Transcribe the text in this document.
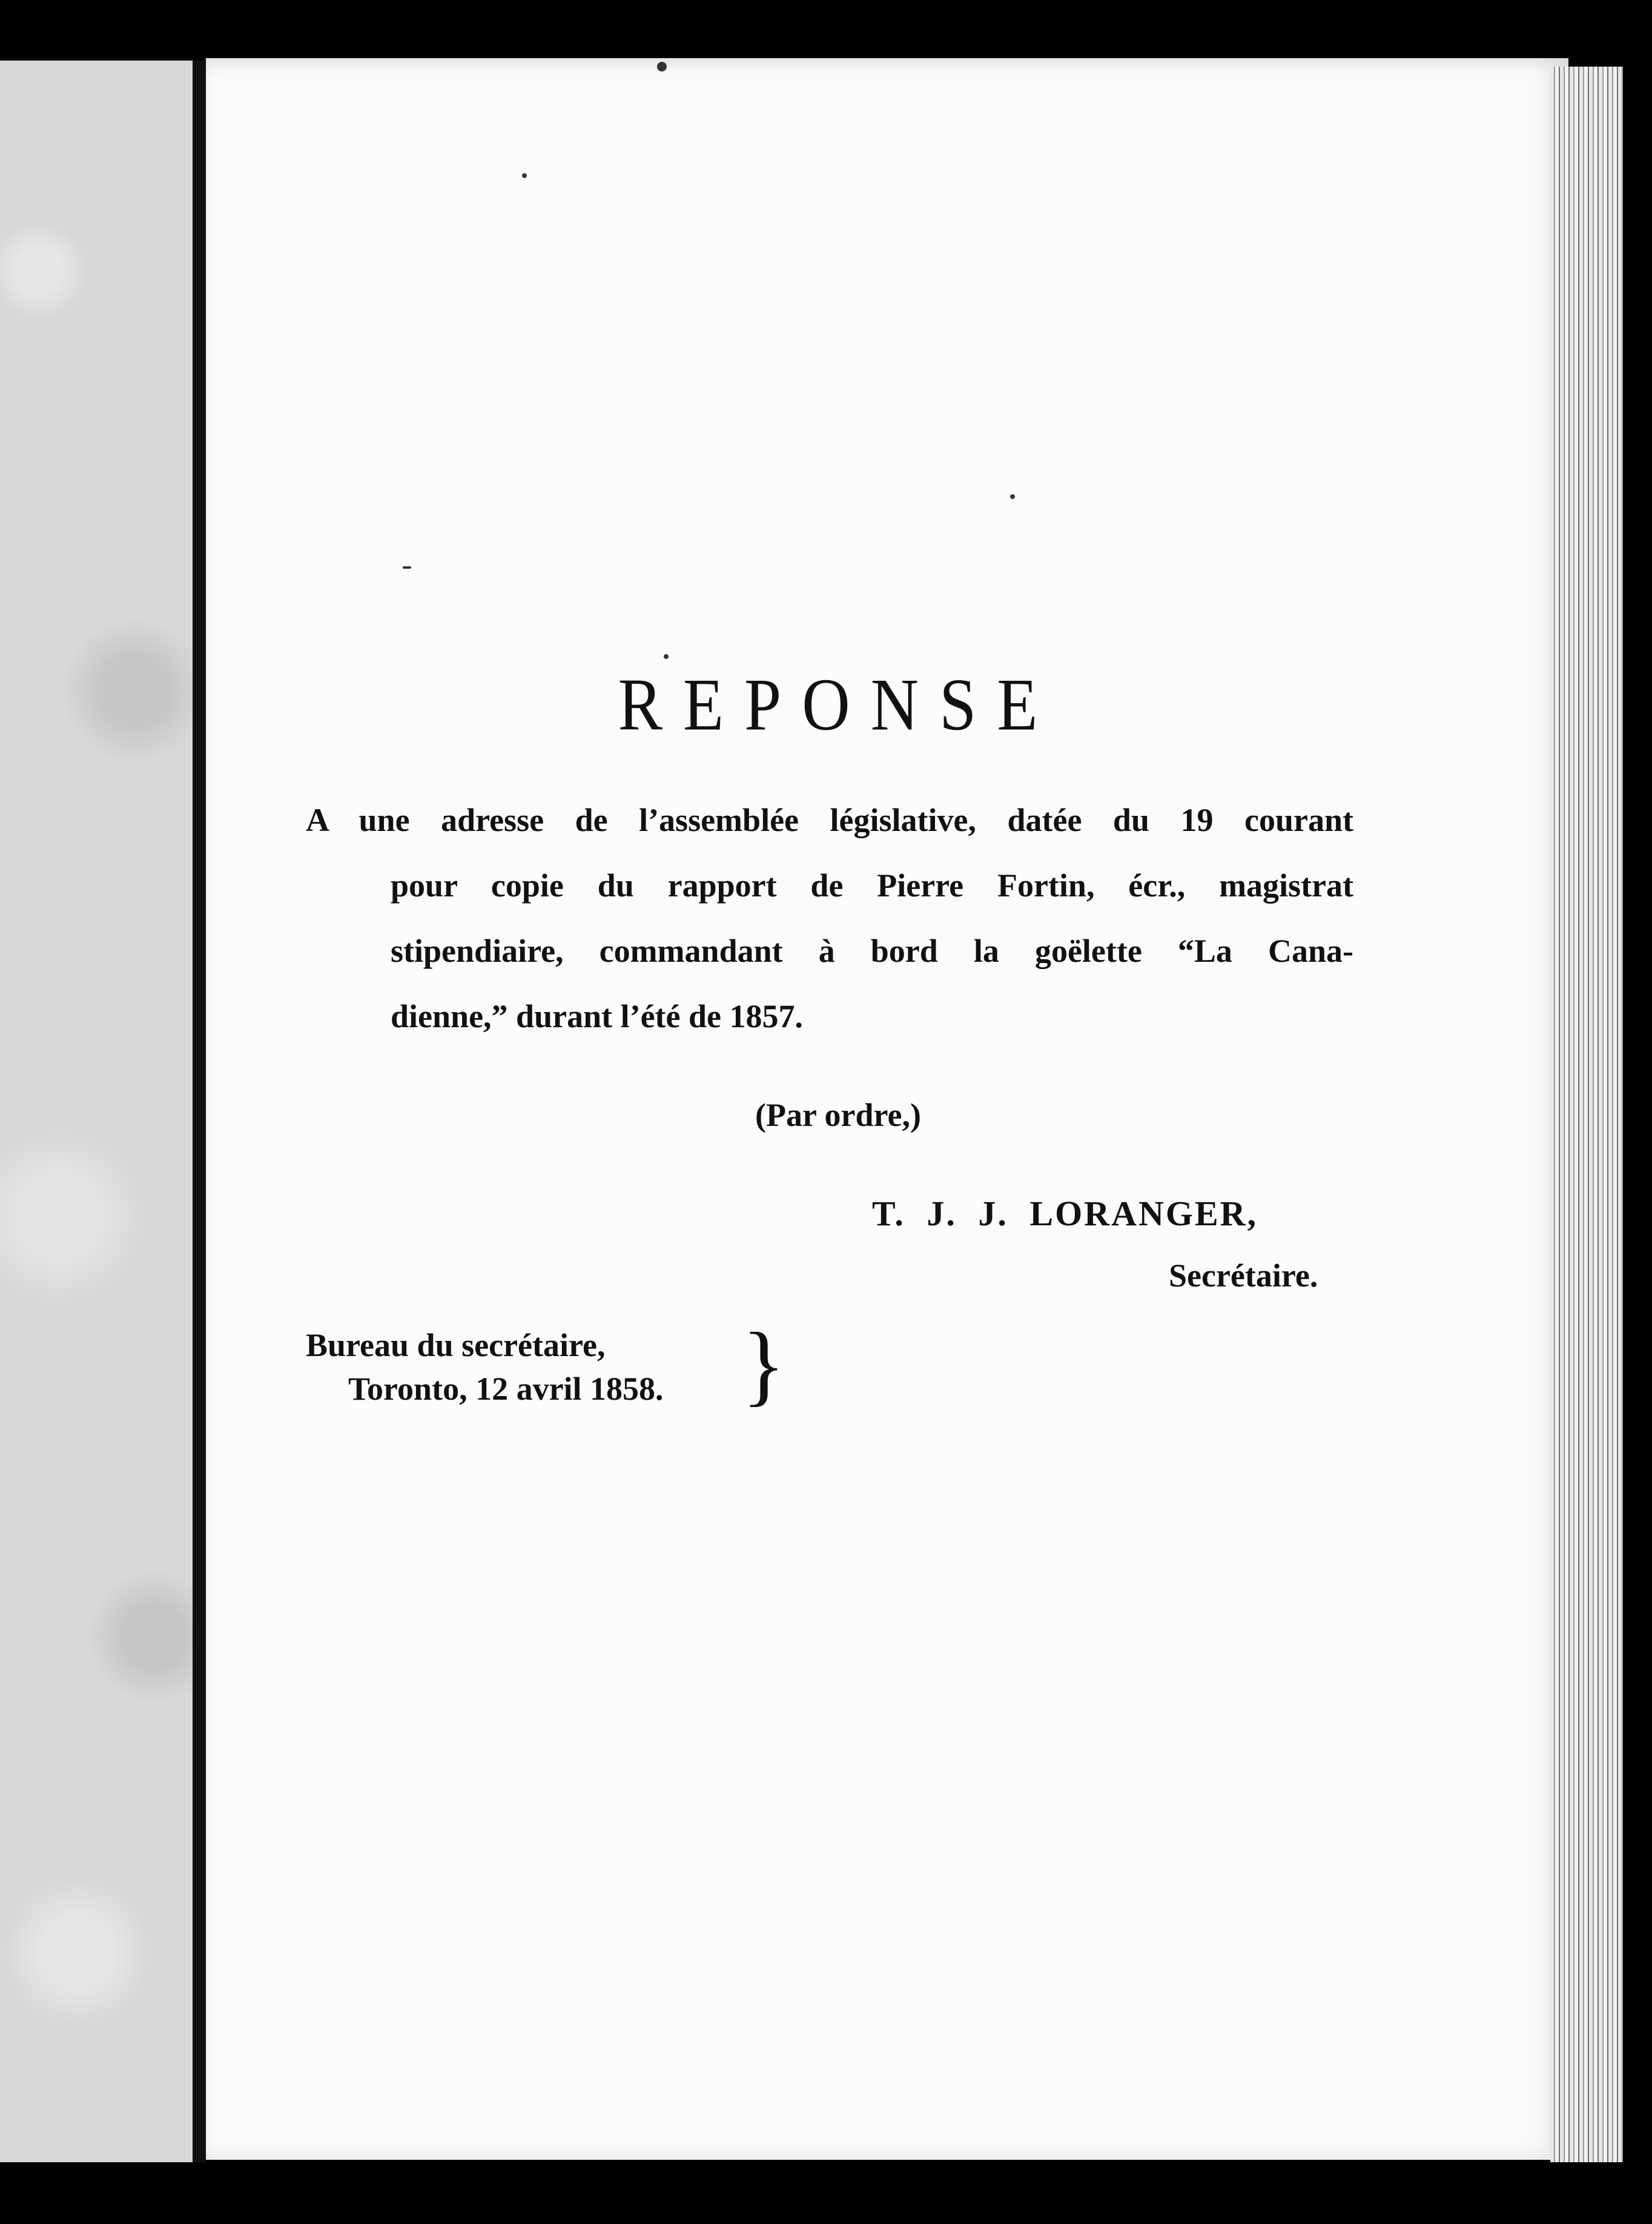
REPONSE
A une adresse de l’assemblée législative, datée du 19 courant
pour copie du rapport de Pierre Fortin, écr., magistrat
stipendiaire, commandant à bord la goëlette “La Cana-
dienne,” durant l’été de 1857.
(Par ordre,)
T. J. J. LORANGER,
Secrétaire.
Bureau du secrétaire,
Toronto, 12 avril 1858. }
